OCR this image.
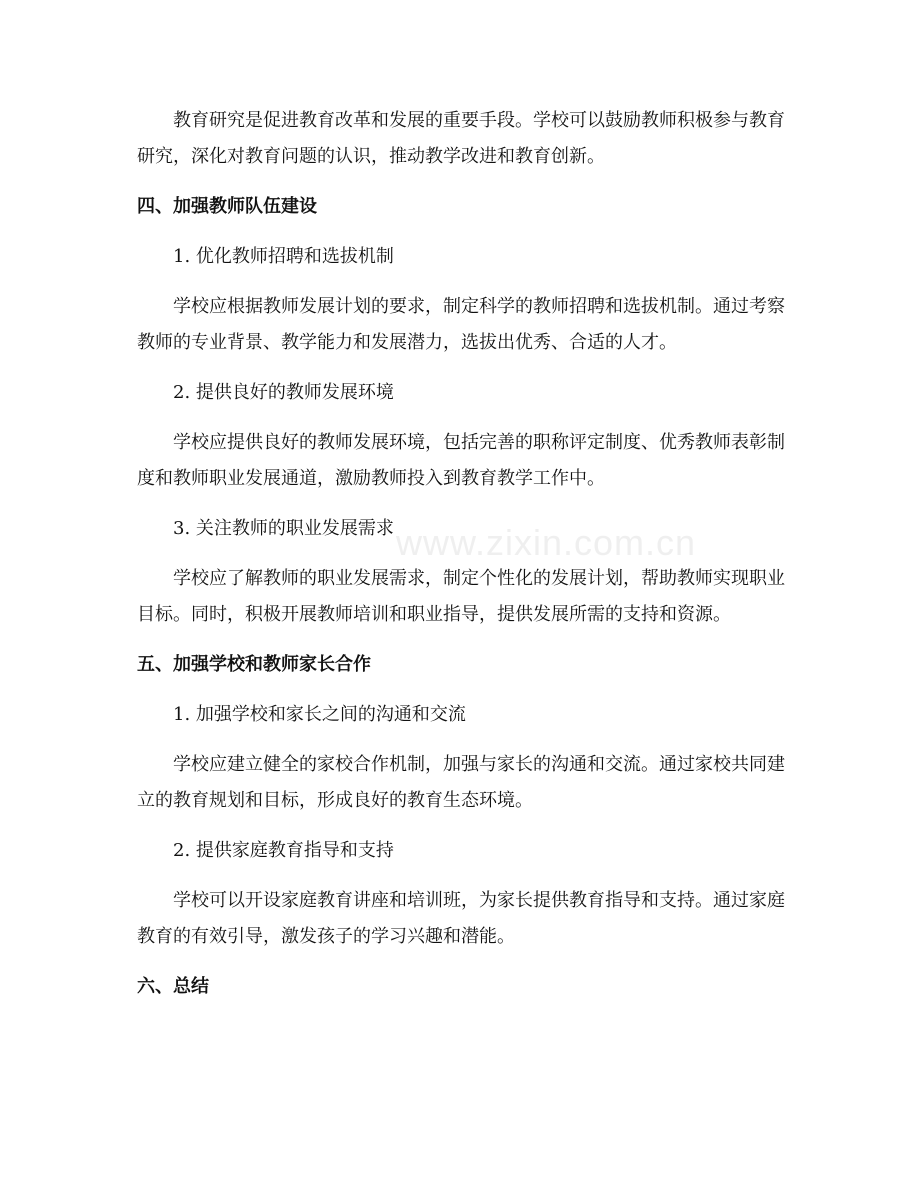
www.zixin.com.cn
教育研究是促进教育改革和发展的重要手段。学校可以鼓励教师积极参与教育研究，深化对教育问题的认识，推动教学改进和教育创新。
四、加强教师队伍建设
1. 优化教师招聘和选拔机制
学校应根据教师发展计划的要求，制定科学的教师招聘和选拔机制。通过考察教师的专业背景、教学能力和发展潜力，选拔出优秀、合适的人才。
2. 提供良好的教师发展环境
学校应提供良好的教师发展环境，包括完善的职称评定制度、优秀教师表彰制度和教师职业发展通道，激励教师投入到教育教学工作中。
3. 关注教师的职业发展需求
学校应了解教师的职业发展需求，制定个性化的发展计划，帮助教师实现职业目标。同时，积极开展教师培训和职业指导，提供发展所需的支持和资源。
五、加强学校和教师家长合作
1. 加强学校和家长之间的沟通和交流
学校应建立健全的家校合作机制，加强与家长的沟通和交流。通过家校共同建立的教育规划和目标，形成良好的教育生态环境。
2. 提供家庭教育指导和支持
学校可以开设家庭教育讲座和培训班，为家长提供教育指导和支持。通过家庭教育的有效引导，激发孩子的学习兴趣和潜能。
六、总结
